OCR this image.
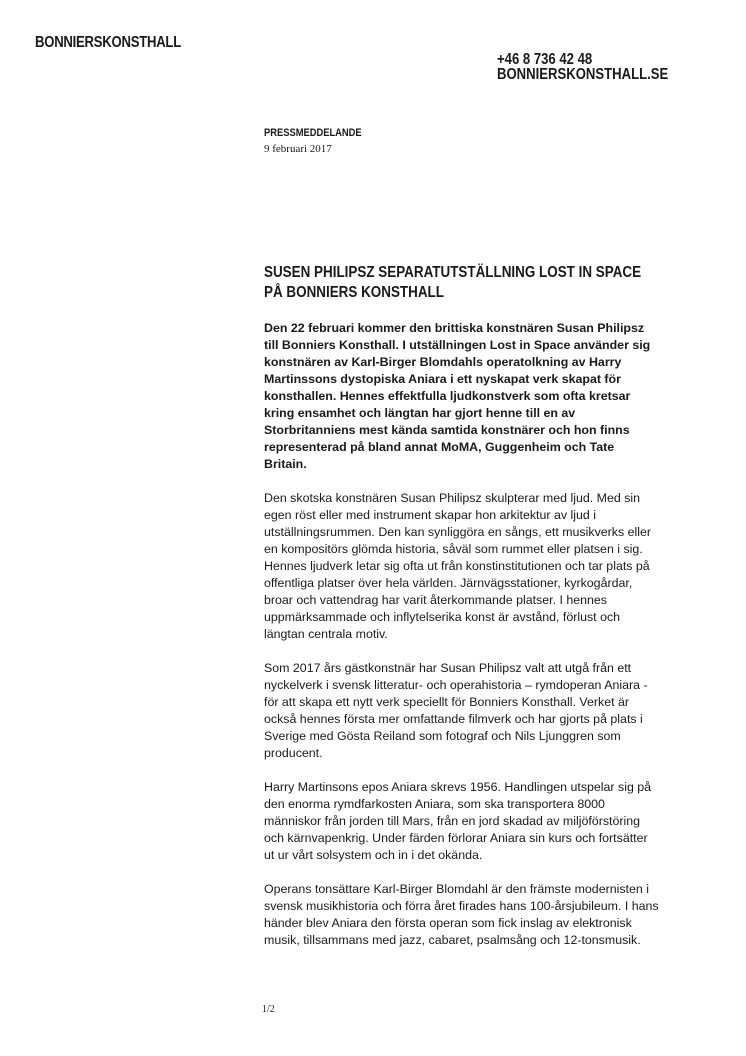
BONNIERSKONSTHALL
+46 8 736 42 48
BONNIERSKONSTHALL.SE
PRESSMEDDELANDE
9 februari 2017
SUSEN PHILIPSZ SEPARATUTSTÄLLNING LOST IN SPACE PÅ BONNIERS KONSTHALL

Den 22 februari kommer den brittiska konstnären Susan Philipsz till Bonniers Konsthall. I utställningen Lost in Space använder sig konstnären av Karl-Birger Blomdahls operatolkning av Harry Martinssons dystopiska Aniara i ett nyskapat verk skapat för konsthallen. Hennes effektfulla ljudkonstverk som ofta kretsar kring ensamhet och längtan har gjort henne till en av Storbritanniens mest kända samtida konstnärer och hon finns representerad på bland annat MoMA, Guggenheim och Tate Britain.

Den skotska konstnären Susan Philipsz skulpterar med ljud. Med sin egen röst eller med instrument skapar hon arkitektur av ljud i utställningsrummen. Den kan synliggöra en sångs, ett musikverks eller en kompositörs glömda historia, såväl som rummet eller platsen i sig. Hennes ljudverk letar sig ofta ut från konstinstitutionen och tar plats på offentliga platser över hela världen. Järnvägsstationer, kyrkogårdar, broar och vattendrag har varit återkommande platser. I hennes uppmärksammade och inflytelserika konst är avstånd, förlust och längtan centrala motiv.

Som 2017 års gästkonstnär har Susan Philipsz valt att utgå från ett nyckelverk i svensk litteratur- och operahistoria – rymdoperan Aniara - för att skapa ett nytt verk speciellt för Bonniers Konsthall. Verket är också hennes första mer omfattande filmverk och har gjorts på plats i Sverige med Gösta Reiland som fotograf och Nils Ljunggren som producent.

Harry Martinsons epos Aniara skrevs 1956. Handlingen utspelar sig på den enorma rymdfarkosten Aniara, som ska transportera 8000 människor från jorden till Mars, från en jord skadad av miljöförstöring och kärnvapenkrig. Under färden förlorar Aniara sin kurs och fortsätter ut ur vårt solsystem och in i det okända.

Operans tonsättare Karl-Birger Blomdahl är den främste modernisten i svensk musikhistoria och förra året firades hans 100-årsjubileum. I hans händer blev Aniara den första operan som fick inslag av elektronisk musik, tillsammans med jazz, cabaret, psalmsång och 12-tonsmusik.

1/2
